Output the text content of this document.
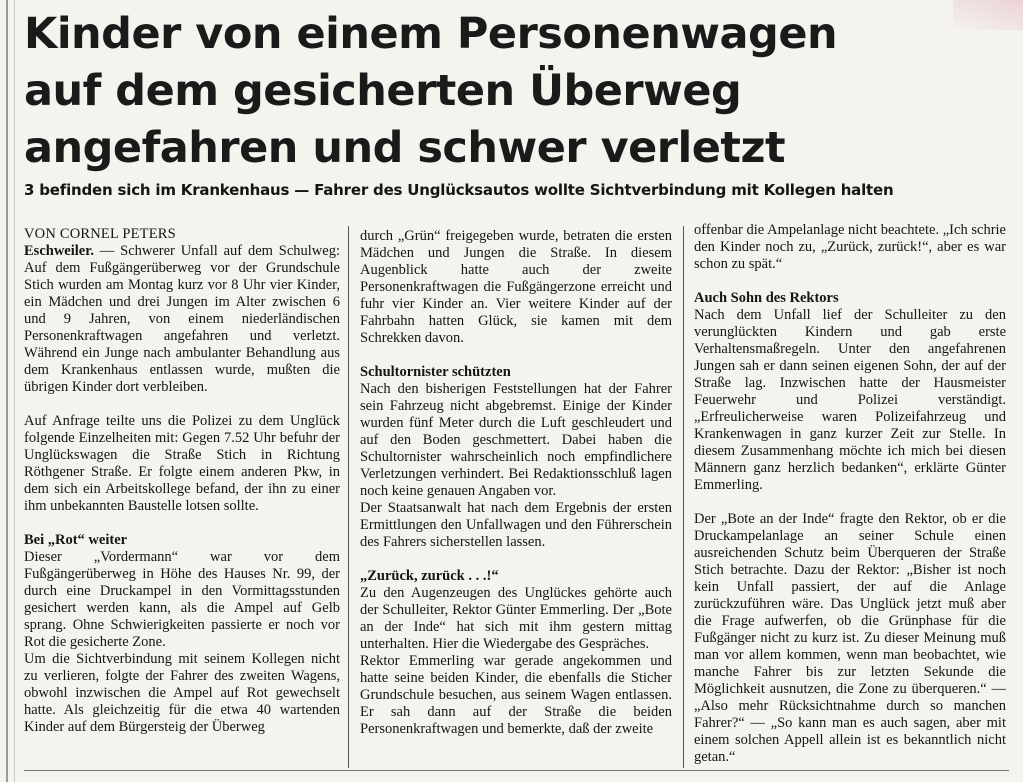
Kinder von einem Personenwagen
auf dem gesicherten Überweg
angefahren und schwer verletzt
3 befinden sich im Krankenhaus — Fahrer des Unglücksautos wollte Sichtverbindung mit Kollegen halten

VON CORNEL PETERS

Eschweiler. — Schwerer Unfall auf dem Schulweg: Auf dem Fußgängerüberweg vor der Grundschule Stich wurden am Montag kurz vor 8 Uhr vier Kinder, ein Mädchen und drei Jungen im Alter zwischen 6 und 9 Jahren, von einem niederländischen Personenkraftwagen angefahren und verletzt. Während ein Junge nach ambulanter Behandlung aus dem Krankenhaus entlassen wurde, mußten die übrigen Kinder dort verbleiben.

Auf Anfrage teilte uns die Polizei zu dem Unglück folgende Einzelheiten mit: Gegen 7.52 Uhr befuhr der Unglückswagen die Straße Stich in Richtung Röthgener Straße. Er folgte einem anderen Pkw, in dem sich ein Arbeitskollege befand, der ihn zu einer ihm unbekannten Baustelle lotsen sollte.

Bei „Rot“ weiter

Dieser „Vordermann“ war vor dem Fußgängerüberweg in Höhe des Hauses Nr. 99, der durch eine Druckampel in den Vormittagsstunden gesichert werden kann, als die Ampel auf Gelb sprang. Ohne Schwierigkeiten passierte er noch vor Rot die gesicherte Zone.

Um die Sichtverbindung mit seinem Kollegen nicht zu verlieren, folgte der Fahrer des zweiten Wagens, obwohl inzwischen die Ampel auf Rot gewechselt hatte. Als gleichzeitig für die etwa 40 wartenden Kinder auf dem Bürgersteig der Überweg

durch „Grün“ freigegeben wurde, betraten die ersten Mädchen und Jungen die Straße. In diesem Augenblick hatte auch der zweite Personenkraftwagen die Fußgängerzone erreicht und fuhr vier Kinder an. Vier weitere Kinder auf der Fahrbahn hatten Glück, sie kamen mit dem Schrekken davon.

Schultornister schützten

Nach den bisherigen Feststellungen hat der Fahrer sein Fahrzeug nicht abgebremst. Einige der Kinder wurden fünf Meter durch die Luft geschleudert und auf den Boden geschmettert. Dabei haben die Schultornister wahrscheinlich noch empfindlichere Verletzungen verhindert. Bei Redaktionsschluß lagen noch keine genauen Angaben vor.

Der Staatsanwalt hat nach dem Ergebnis der ersten Ermittlungen den Unfallwagen und den Führerschein des Fahrers sicherstellen lassen.

„Zurück, zurück . . .!“

Zu den Augenzeugen des Unglückes gehörte auch der Schulleiter, Rektor Günter Emmerling. Der „Bote an der Inde“ hat sich mit ihm gestern mittag unterhalten. Hier die Wiedergabe des Gespräches.

Rektor Emmerling war gerade angekommen und hatte seine beiden Kinder, die ebenfalls die Sticher Grundschule besuchen, aus seinem Wagen entlassen. Er sah dann auf der Straße die beiden Personenkraftwagen und bemerkte, daß der zweite

offenbar die Ampelanlage nicht beachtete. „Ich schrie den Kinder noch zu, „Zurück, zurück!“, aber es war schon zu spät.“

Auch Sohn des Rektors

Nach dem Unfall lief der Schulleiter zu den verunglückten Kindern und gab erste Verhaltensmaßregeln. Unter den angefahrenen Jungen sah er dann seinen eigenen Sohn, der auf der Straße lag. Inzwischen hatte der Hausmeister Feuerwehr und Polizei verständigt. „Erfreulicherweise waren Polizeifahrzeug und Krankenwagen in ganz kurzer Zeit zur Stelle. In diesem Zusammenhang möchte ich mich bei diesen Männern ganz herzlich bedanken“, erklärte Günter Emmerling.

Der „Bote an der Inde“ fragte den Rektor, ob er die Druckampelanlage an seiner Schule einen ausreichenden Schutz beim Überqueren der Straße Stich betrachte. Dazu der Rektor: „Bisher ist noch kein Unfall passiert, der auf die Anlage zurückzuführen wäre. Das Unglück jetzt muß aber die Frage aufwerfen, ob die Grünphase für die Fußgänger nicht zu kurz ist. Zu dieser Meinung muß man vor allem kommen, wenn man beobachtet, wie manche Fahrer bis zur letzten Sekunde die Möglichkeit ausnutzen, die Zone zu überqueren.“ — „Also mehr Rücksichtnahme durch so manchen Fahrer?“ — „So kann man es auch sagen, aber mit einem solchen Appell allein ist es bekanntlich nicht getan.“
